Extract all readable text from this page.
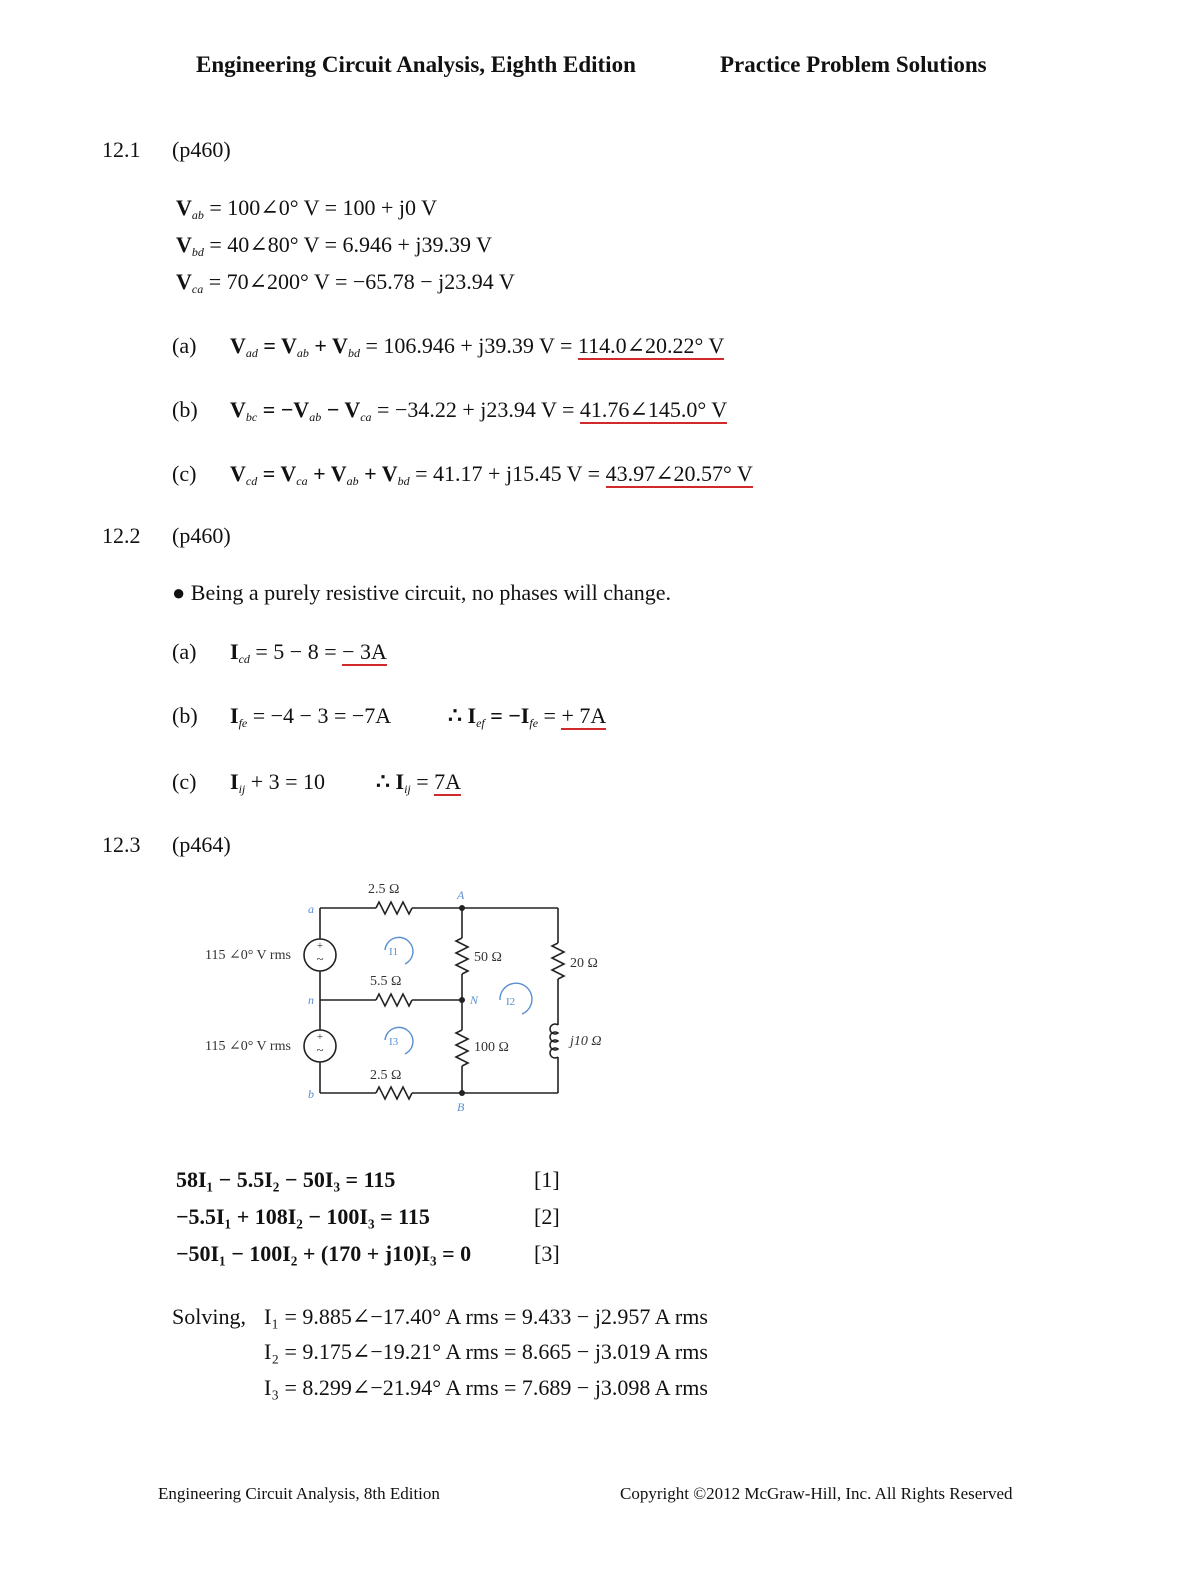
Engineering Circuit Analysis, Eighth Edition	Practice Problem Solutions
12.1 (p460)
$V_{ab}$ = 100∠0° V = 100 + j0 V
$V_{bd}$ = 40∠80° V = 6.946 + j39.39 V
$V_{ca}$ = 70∠200° V = −65.78 − j23.94 V
(a) $V_{ad} = V_{ab} + V_{bd} = 106.946 + j39.39$ V = 114.0∠20.22° V
(b) $V_{bc} = -V_{ab} - V_{ca} = -34.22 + j23.94$ V = 41.76∠145.0° V
(c) $V_{cd} = V_{ca} + V_{ab} + V_{bd} = 41.17 + j15.45$ V = 43.97∠20.57° V
12.2 (p460)
● Being a purely resistive circuit, no phases will change.
(a) $I_{cd} = 5 - 8$ = − 3A
(b) $I_{fe} = -4 - 3 = -7A$	∴ $I_{ef} = -I_{fe}$ = + 7A
(c) $I_{ij} + 3 = 10$ ∴ $I_{ij} = 7A$
12.3 (p464)
+
~
+
~
115 ∠0° V rms
115 ∠0° V rms
2.5 Ω
5.5 Ω
2.5 Ω
50 Ω
100 Ω
20 Ω
j10 Ω
a
n
b
A
N
B
I1
I3
I2
58I₁ − 5.5I₂ − 50I₃ = 115	[1]
−5.5I₁ + 108I₂ − 100I₃ = 115	[2]
−50I₁ − 100I₂ + (170 + j10)I₃ = 0	[3]
Solving, I₁ = 9.885∠−17.40° A rms = 9.433 − j2.957 A rms
I₂ = 9.175∠−19.21° A rms = 8.665 − j3.019 A rms
I₃ = 8.299∠−21.94° A rms = 7.689 − j3.098 A rms
Engineering Circuit Analysis, 8th Edition	Copyright ©2012 McGraw-Hill, Inc. All Rights Reserved
